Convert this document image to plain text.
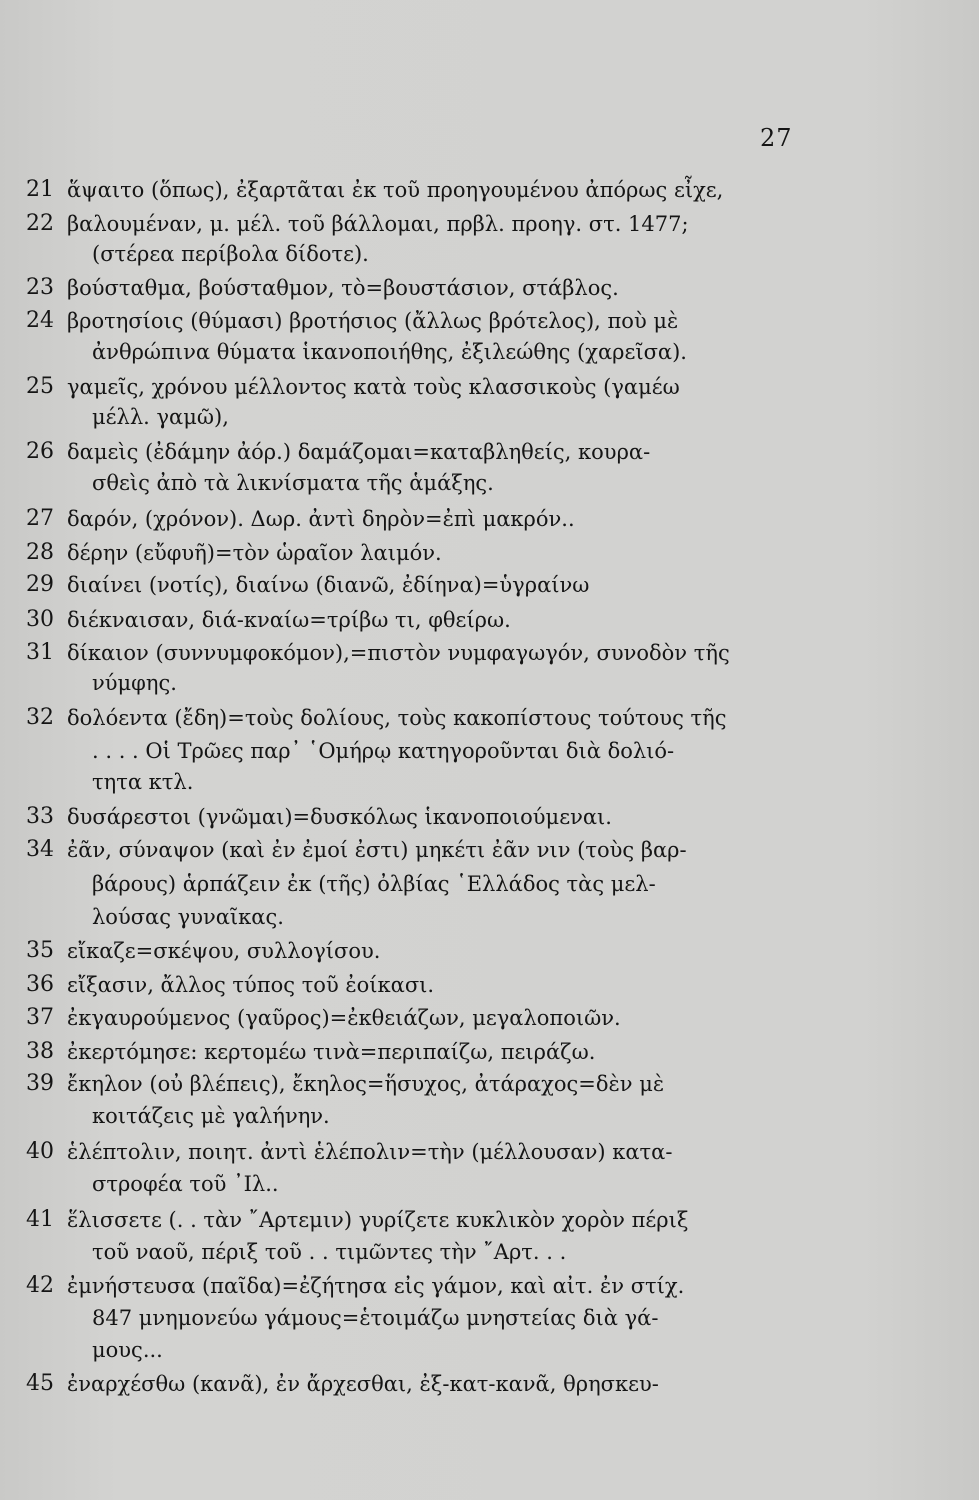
27
21 ἅψαιτο (ὅπως), ἐξαρτᾶται ἐκ τοῦ προηγουμένου ἀπόρως εἶχε,
22 βαλουμέναν, μ. μέλ. τοῦ βάλλομαι, πρβλ. προηγ. στ. 1477;
(στέρεα περίβολα δίδοτε).
23 βούσταθμα, βούσταθμον, τὸ=βουστάσιον, στάβλος.
24 βροτησίοις (θύμασι) βροτήσιος (ἄλλως βρότελος), ποὺ μὲ
ἀνθρώπινα θύματα ἱκανοποιήθης, ἐξιλεώθης (χαρεῖσα).
25 γαμεῖς, χρόνου μέλλοντος κατὰ τοὺς κλασσικοὺς (γαμέω
μέλλ. γαμῶ),
26 δαμεὶς (ἐδάμην ἀόρ.) δαμάζομαι=καταβληθείς, κουρα-
σθεὶς ἀπὸ τὰ λικνίσματα τῆς ἁμάξης.
27 δαρόν, (χρόνον). Δωρ. ἀντὶ δηρὸν=ἐπὶ μακρόν..
28 δέρην (εὔφυῆ)=τὸν ὡραῖον λαιμόν.
29 διαίνει (νοτίς), διαίνω (διανῶ, ἐδίηνα)=ὑγραίνω
30 διέκναισαν, διά-κναίω=τρίβω τι, φθείρω.
31 δίκαιον (συννυμφοκόμον),=πιστὸν νυμφαγωγόν, συνοδὸν τῆς
νύμφης.
32 δολόεντα (ἔδη)=τοὺς δολίους, τοὺς κακοπίστους τούτους τῆς
. . . . Οἱ Τρῶες παρ᾽ ῾Ομήρῳ κατηγοροῦνται διὰ δολιό-
τητα κτλ.
33 δυσάρεστοι (γνῶμαι)=δυσκόλως ἱκανοποιούμεναι.
34 ἐᾶν, σύναψον (καὶ ἐν ἐμοί ἐστι) μηκέτι ἐᾶν νιν (τοὺς βαρ-
βάρους) ἁρπάζειν ἐκ (τῆς) ὀλβίας ῾Ελλάδος τὰς μελ-
λούσας γυναῖκας.
35 εἴκαζε=σκέψου, συλλογίσου.
36 εἴξασιν, ἄλλος τύπος τοῦ ἐοίκασι.
37 ἐκγαυρούμενος (γαῦρος)=ἐκθειάζων, μεγαλοποιῶν.
38 ἐκερτόμησε: κερτομέω τινὰ=περιπαίζω, πειράζω.
39 ἔκηλον (οὐ βλέπεις), ἔκηλος=ἥσυχος, ἀτάραχος=δὲν μὲ
κοιτάζεις μὲ γαλήνην.
40 ἑλέπτολιν, ποιητ. ἀντὶ ἑλέπολιν=τὴν (μέλλουσαν) κατα-
στροφέα τοῦ ᾽Ιλ..
41 ἕλισσετε (. . τὰν ῎Αρτεμιν) γυρίζετε κυκλικὸν χορὸν πέριξ
τοῦ ναοῦ, πέριξ τοῦ . . τιμῶντες τὴν ῎Αρτ. . .
42 ἐμνήστευσα (παῖδα)=ἐζήτησα εἰς γάμον, καὶ αἰτ. ἐν στίχ.
847 μνημονεύω γάμους=ἑτοιμάζω μνηστείας διὰ γά-
μους...
45 ἐναρχέσθω (κανᾶ), ἐν ἄρχεσθαι, ἐξ-κατ-κανᾶ, θρησκευ-
